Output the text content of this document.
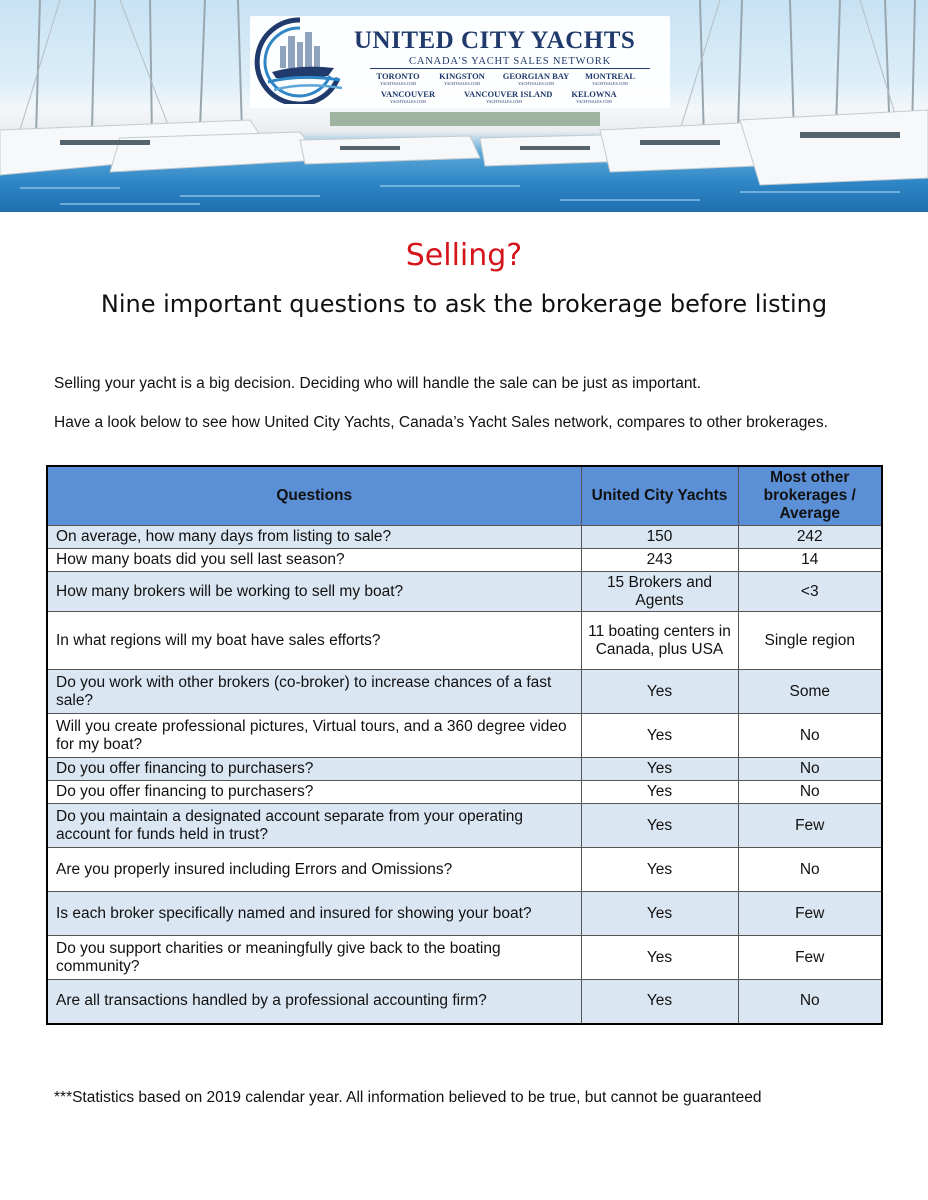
UNITED CITY YACHTS
CANADA'S YACHT SALES NETWORK
TORONTO
YACHTSALES.COM
KINGSTON
YACHTSALES.COM
GEORGIAN BAY
YACHTSALES.COM
MONTREAL
YACHTSALES.COM
VANCOUVER
YACHTSALES.COM
VANCOUVER ISLAND
YACHTSALES.COM
KELOWNA
YACHTSALES.COM
Selling?
Nine important questions to ask the brokerage before listing
Selling your yacht is a big decision. Deciding who will handle the sale can be just as important.
Have a look below to see how United City Yachts, Canada’s Yacht Sales network, compares to other brokerages.
Questions	United City Yachts	Most other brokerages / Average
On average, how many days from listing to sale?	150	242
How many boats did you sell last season?	243	14
How many brokers will be working to sell my boat?	15 Brokers and Agents	<3
In what regions will my boat have sales efforts?	11 boating centers in Canada, plus USA	Single region
Do you work with other brokers (co-broker) to increase chances of a fast sale?	Yes	Some
Will you create professional pictures, Virtual tours, and a 360 degree video for my boat?	Yes	No
Do you offer financing to purchasers?	Yes	No
Do you offer financing to purchasers?	Yes	No
Do you maintain a designated account separate from your operating account for funds held in trust?	Yes	Few
Are you properly insured including Errors and Omissions?	Yes	No
Is each broker specifically named and insured for showing your boat?	Yes	Few
Do you support charities or meaningfully give back to the boating community?	Yes	Few
Are all transactions handled by a professional accounting firm?	Yes	No
***Statistics based on 2019 calendar year. All information believed to be true, but cannot be guaranteed
